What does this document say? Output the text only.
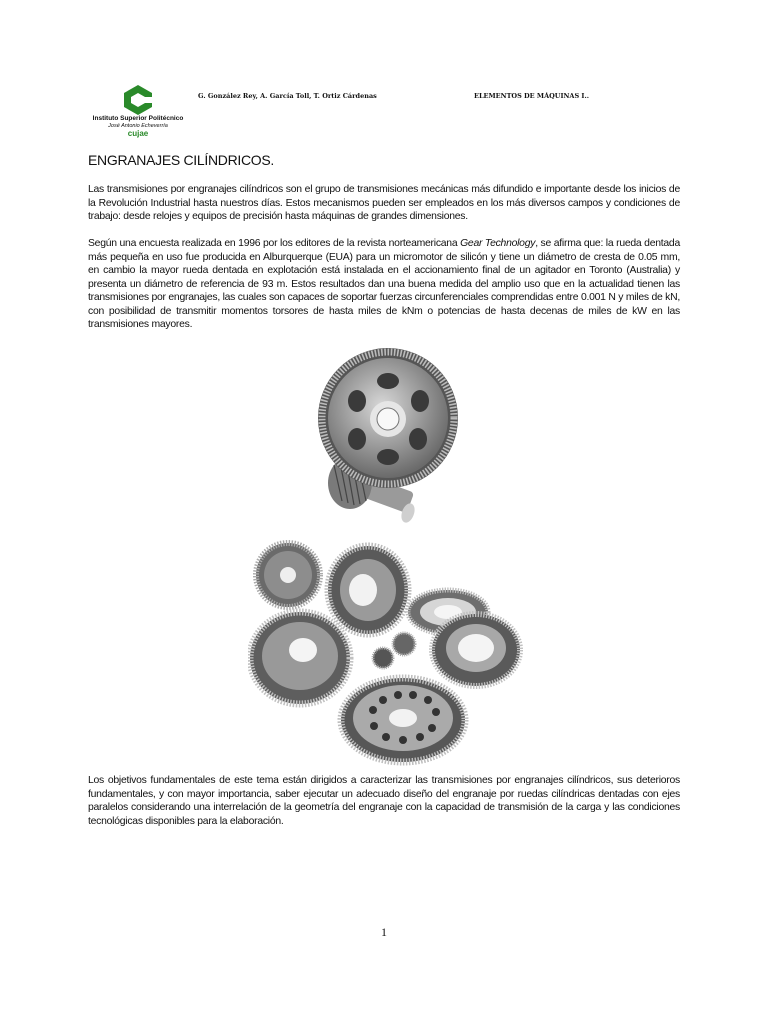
Instituto Superior Politécnico
José Antonio Echeverría
cujae
G. González Rey, A. García Toll, T. Ortiz Cárdenas	ELEMENTOS DE MÁQUINAS I..
ENGRANAJES CILÍNDRICOS.
Las transmisiones por engranajes cilíndricos son el grupo de transmisiones mecánicas más difundido e importante desde los inicios de la Revolución Industrial hasta nuestros días. Estos mecanismos pueden ser empleados en los más diversos campos y condiciones de trabajo: desde relojes y equipos de precisión hasta máquinas de grandes dimensiones.
Según una encuesta realizada en 1996 por los editores de la revista norteamericana Gear Technology, se afirma que: la rueda dentada más pequeña en uso fue producida en Alburquerque (EUA) para un micromotor de silicón y tiene un diámetro de cresta de 0.05 mm, en cambio la mayor rueda dentada en explotación está instalada en el accionamiento final de un agitador en Toronto (Australia) y presenta un diámetro de referencia de 93 m. Estos resultados dan una buena medida del amplio uso que en la actualidad tienen las transmisiones por engranajes, las cuales son capaces de soportar fuerzas circunferenciales comprendidas entre 0.001 N y miles de kN, con posibilidad de transmitir momentos torsores de hasta miles de kNm o potencias de hasta decenas de miles de kW en las transmisiones mayores.
Los objetivos fundamentales de este tema están dirigidos a caracterizar las transmisiones por engranajes cilíndricos, sus deterioros fundamentales, y con mayor importancia, saber ejecutar un adecuado diseño del engranaje por ruedas cilíndricas dentadas con ejes paralelos considerando una interrelación de la geometría del engranaje con la capacidad de transmisión de la carga y las condiciones tecnológicas disponibles para la elaboración.
1
